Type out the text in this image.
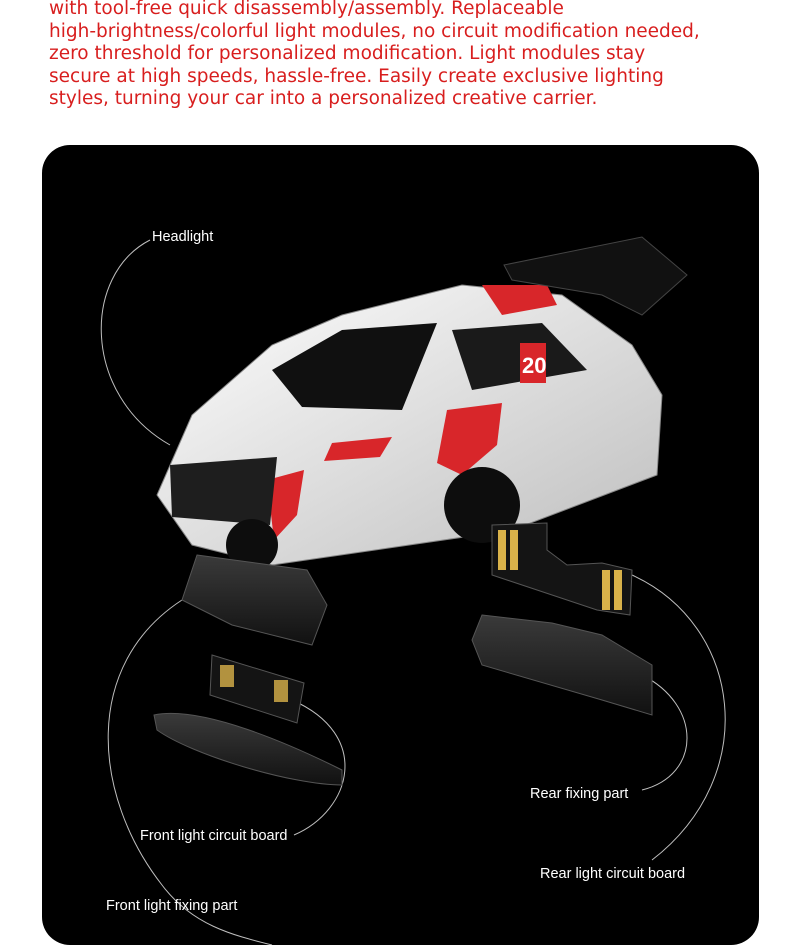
with tool-free quick disassembly/assembly. Replaceable
high-brightness/colorful light modules, no circuit modification needed,
zero threshold for personalized modification. Light modules stay
secure at high speeds, hassle-free. Easily create exclusive lighting
styles, turning your car into a personalized creative carrier.

20
Headlight
Rear fixing part
Front light circuit board
Rear light circuit board
Front light fixing part
